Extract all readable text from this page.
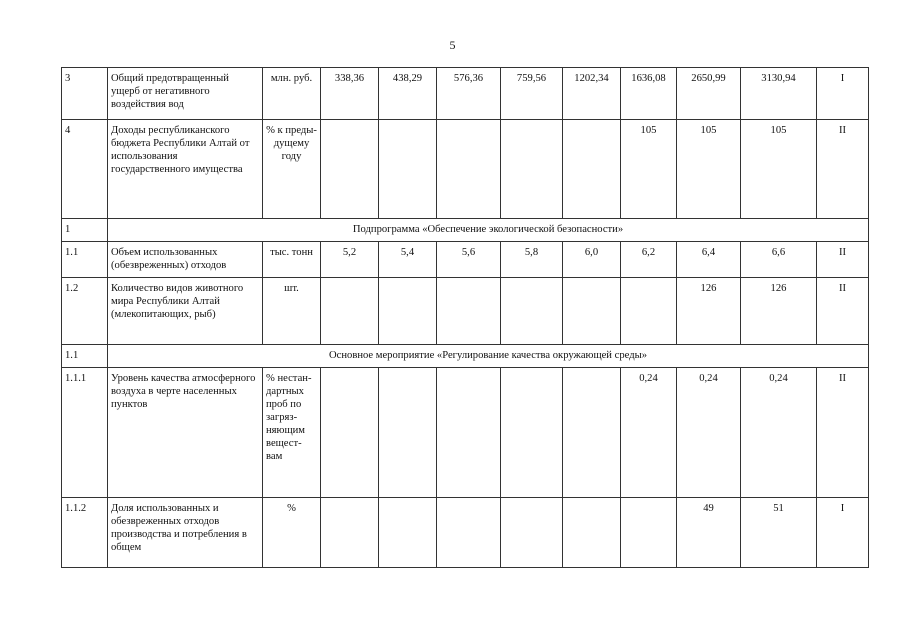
5
3	Общий предотвращенный ущерб от негативного воздействия вод	млн. руб.	338,36	438,29	576,36	759,56	1202,34	1636,08	2650,99	3130,94	I
4	Доходы республиканского бюджета Республики Алтай от использования государственного имущества	% к преды-дущему году						105	105	105	II
1	Подпрограмма «Обеспечение экологической безопасности»										
1.1	Объем использованных (обезвреженных) отходов	тыс. тонн	5,2	5,4	5,6	5,8	6,0	6,2	6,4	6,6	II
1.2	Количество видов животного мира Республики Алтай (млекопитающих, рыб)	шт.							126	126	II
1.1	Основное мероприятие «Регулирование качества окружающей среды»										
1.1.1	Уровень качества атмосферного воздуха в черте населенных пунктов	% нестан-дартных проб по загряз-няющим вещест-вам						0,24	0,24	0,24	II
1.1.2	Доля использованных и обезвреженных отходов производства и потребления в общем	%							49	51	I
